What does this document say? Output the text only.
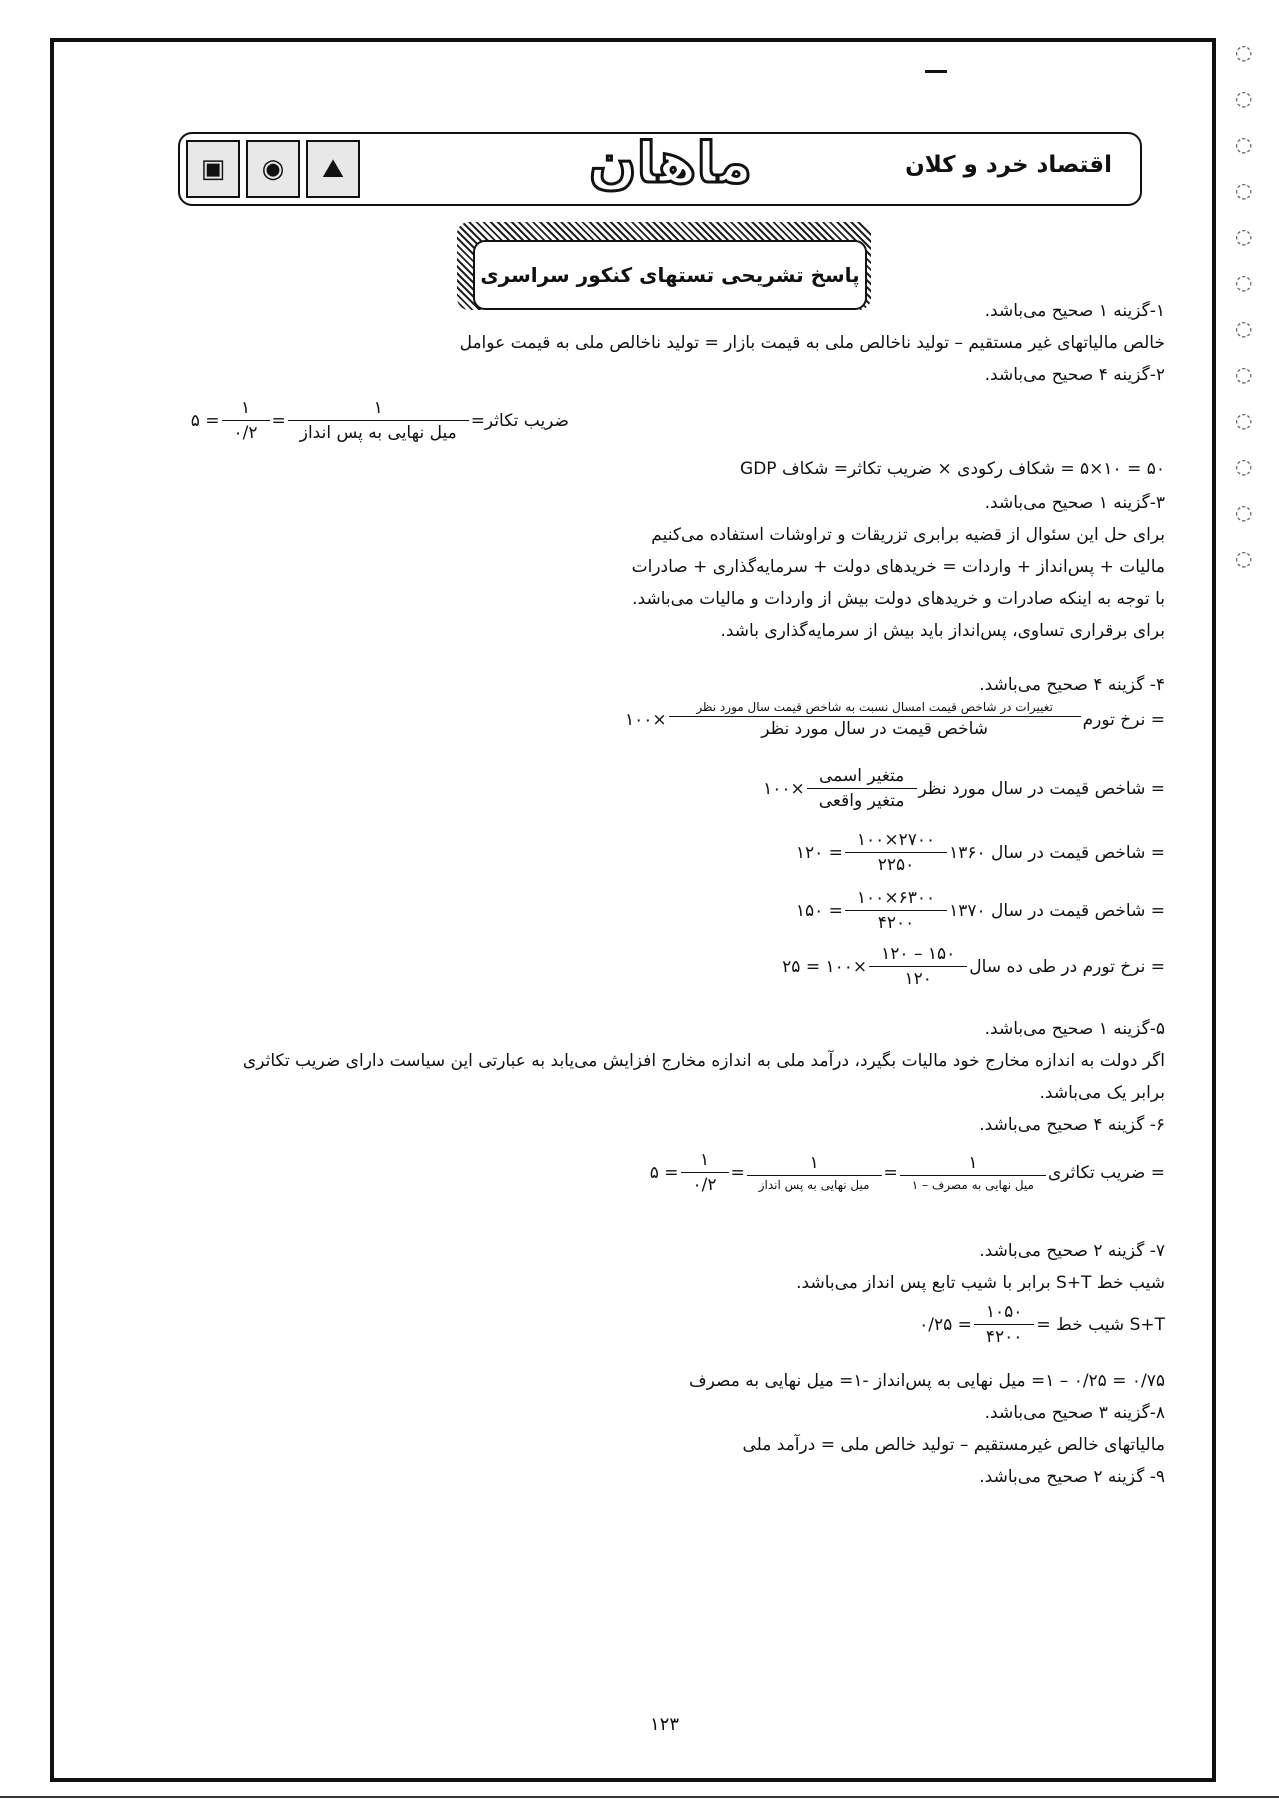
▣	◉	⛰	ماهان	اقتصاد خرد و کلان
پاسخ تشریحی تستهای کنکور سراسری
۱-گزینه ۱ صحیح می‌باشد.
خالص مالیاتهای غیر مستقیم – تولید ناخالص ملی به قیمت بازار = تولید ناخالص ملی به قیمت عوامل
۲-گزینه ۴ صحیح می‌باشد.
ضریب تکاثر=
$\frac{۱}{\text{میل نهایی به پس انداز}}$
=
$\frac{۱}{۰/۲}$
= ۵
۵۰ = ۱۰×۵ = شکاف رکودی × ضریب تکاثر= شکاف GDP
۳-گزینه ۱ صحیح می‌باشد.
برای حل این سئوال از قضیه برابری تزریقات و تراوشات استفاده می‌کنیم
مالیات + پس‌انداز + واردات = خریدهای دولت + سرمایه‌گذاری + صادرات
با توجه به اینکه صادرات و خریدهای دولت بیش از واردات و مالیات می‌باشد.
برای برقراری تساوی، پس‌انداز باید بیش از سرمایه‌گذاری باشد.
۴- گزینه ۴ صحیح می‌باشد.
= نرخ تورم
$\frac{\text{تغییرات در شاخص قیمت امسال نسبت به شاخص قیمت سال مورد نظر}}{\text{شاخص قیمت در سال مورد نظر}}$
×۱۰۰
= شاخص قیمت در سال مورد نظر
$\frac{\text{متغیر اسمی}}{\text{متغیر واقعی}}$
×۱۰۰
= شاخص قیمت در سال ۱۳۶۰
$\frac{۲۷۰۰\times ۱۰۰}{۲۲۵۰}$
= ۱۲۰
= شاخص قیمت در سال ۱۳۷۰
$\frac{۶۳۰۰\times ۱۰۰}{۴۲۰۰}$
= ۱۵۰
= نرخ تورم در طی ده سال
$\frac{۱۵۰ - ۱۲۰}{۱۲۰}$
×۱۰۰ = ۲۵
۵-گزینه ۱ صحیح می‌باشد.
اگر دولت به اندازه مخارج خود مالیات بگیرد، درآمد ملی به اندازه مخارج افزایش می‌یابد به عبارتی این سیاست دارای ضریب تکاثری
برابر یک می‌باشد.
۶- گزینه ۴ صحیح می‌باشد.
= ضریب تکاثری
$\frac{۱}{\text{میل نهایی به مصرف – ۱}}$
=
$\frac{۱}{\text{میل نهایی به پس انداز}}$
=
$\frac{۱}{۰/۲}$
= ۵
۷- گزینه ۲ صحیح می‌باشد.
شیب خط S+T برابر با شیب تابع پس انداز می‌باشد.
S+T شیب خط =
$\frac{۱۰۵۰}{۴۲۰۰}$
= ۰/۲۵
۰/۷۵ = ۰/۲۵ – ۱= میل نهایی به پس‌انداز -۱= میل نهایی به مصرف
۸-گزینه ۳ صحیح می‌باشد.
مالیاتهای خالص غیرمستقیم – تولید خالص ملی = درآمد ملی
۹- گزینه ۲ صحیح می‌باشد.
۱۲۳
◌
◌
◌
◌
◌
◌
◌
◌
◌
◌
◌
◌
